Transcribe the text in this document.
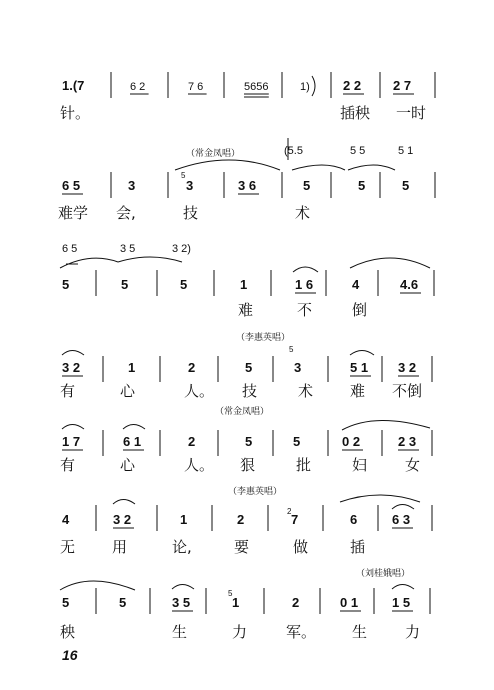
5
5
2
5
1.(7	6 2	7 6	5656	1)	2 2 2 7
针。	插秧 一时
（常金凤唱）	(5.5	5 5	5 1
6 5	3	3	3 6	5	5	5
难学 会,	技	术
6 5	3 5	3 2)
5	5	5	1	1 6	4	4.6
难	不	倒
（李惠英唱）
3 2	1	2	5	3	5 1 3 2
有	心	人。 技	术 难 不倒
（常金凤唱）
1 7	6 1	2	5	5	0 2	2 3
有	心	人。 狠	批	妇	女
（李惠英唱）
4	3 2	1	2	7	6	6 3
无 用	论,	要	做	插
（刘桂娥唱）
5	5	3 5	1	2	0 1	1 5
秧	生	力	军。 生	力
16
